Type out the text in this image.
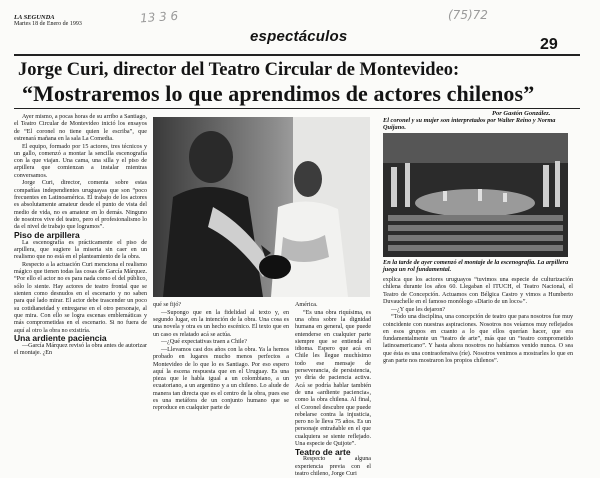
LA SEGUNDA
Martes 18 de Enero de 1993	13 3 6	(75)72
espectáculos	29
Jorge Curi, director del Teatro Circular de Montevideo:
“Mostraremos lo que aprendimos de actores chilenos”
Por Gastón González.
El coronel y su mujer son interpretados por Walter Reino y Norma Quijano.
En la tarde de ayer comenzó el montaje de la escenografía. La arpillera juega un rol fundamental.

Ayer mismo, a pocas horas de su arribo a Santiago, el Teatro Circular de Montevideo inició los ensayos de “El coronel no tiene quien le escriba”, que estrenará mañana en la sala La Comedia.

El equipo, formado por 15 actores, tres técnicos y un gallo, comenzó a montar la sencilla escenografía con la que viajan. Una cama, una silla y el piso de arpillera que comienzan a instalar mientras conversamos.

Jorge Curi, director, comenta sobre estas compañías independientes uruguayas que son “poco frecuentes en Latinoamérica. El trabajo de los actores es absolutamente amateur desde el punto de vista del medio de vida, no es amateur en lo demás. Ninguno de nosotros vive del teatro, pero el profesionalismo lo da el nivel de trabajo que logramos”.

Piso de arpillera

La escenografía es prácticamente el piso de arpillera, que sugiere la miseria sin caer en un realismo que no está en el planteamiento de la obra.

Respecto a la actuación Curi menciona el realismo mágico que tienen todas las cosas de García Márquez. “Por ello el actor no es para nada como el del público, sólo lo siente. Hay actores de teatro frontal que se sienten como desnudos en el escenario y no saben para qué lado mirar. El actor debe trascender un poco su cotidianeidad y entregarse en el otro personaje, al que mira. Con ello se logra escenas emblemáticas y más comprometidas en el escenario. Si no fuera de aquí al otro la obra no existiría.

Una ardiente paciencia

—García Márquez revisó la obra antes de autorizar el montaje. ¿En

qué se fijó?

—Supongo que en la fidelidad al texto y, en segundo lugar, en la intención de la obra. Una cosa es una novela y otra es un hecho escénico. El texto que en un caso es relatado acá se actúa.

—¿Qué expectativas traen a Chile?

—Llevamos casi dos años con la obra. Ya la hemos probado en lugares mucho menos perfectos a Montevideo de lo que lo es Santiago. Por eso espero aquí la escena respuesta que en el Uruguay. Es una pieza que le habla igual a un colombiano, a un ecuatoriano, a un argentino y a un chileno. Lo alude de manera tan directa que es el centro de la obra, pues ese es una metáfora de un conjunto humano que se reproduce en cualquier parte de

América.

“Es una obra riquísima, es una obra sobre la dignidad humana en general, que puede entenderse en cualquier parte siempre que se entienda el idioma. Espero que acá en Chile les llegue muchísimo todo ese mensaje de perseverancia, de persistencia, yo diría de paciencia activa. Acá se podría hablar también de una «ardiente paciencia», como la obra chilena. Al final, el Coronel descubre que puede rebelarse contra la injusticia, pero no le lleva 75 años. Es un personaje entrañable en el que cualquiera se siente reflejado. Una especie de Quijote”.

Teatro de arte

Respecto a alguna experiencia previa con el teatro chileno, Jorge Curi

explica que los actores uruguayos “tuvimos una especie de culturización chilena durante los años 60. Llegaban el ITUCH, el Teatro Nacional, el Teatro de Concepción. Actuamos con Bélgica Castro y vimos a Humberto Duvauchelle en el famoso monólogo «Diario de un loco»”.

—¿Y que les dejaron?

“Todo una disciplina, una concepción de teatro que para nosotros fue muy coincidente con nuestras aspiraciones. Nosotros nos veíamos muy reflejados en esos grupos en cuanto a lo que ellos querían hacer, que era fundamentalmente un “teatro de arte”, más que un “teatro comprometido latinoamericano”. Y hasta ahora nosotros no habíamos venido nunca. O sea que ésta es una contraofensiva (ríe). Nosotros venimos a mostrarles lo que en gran parte nos mostraron los propios chilenos”.
